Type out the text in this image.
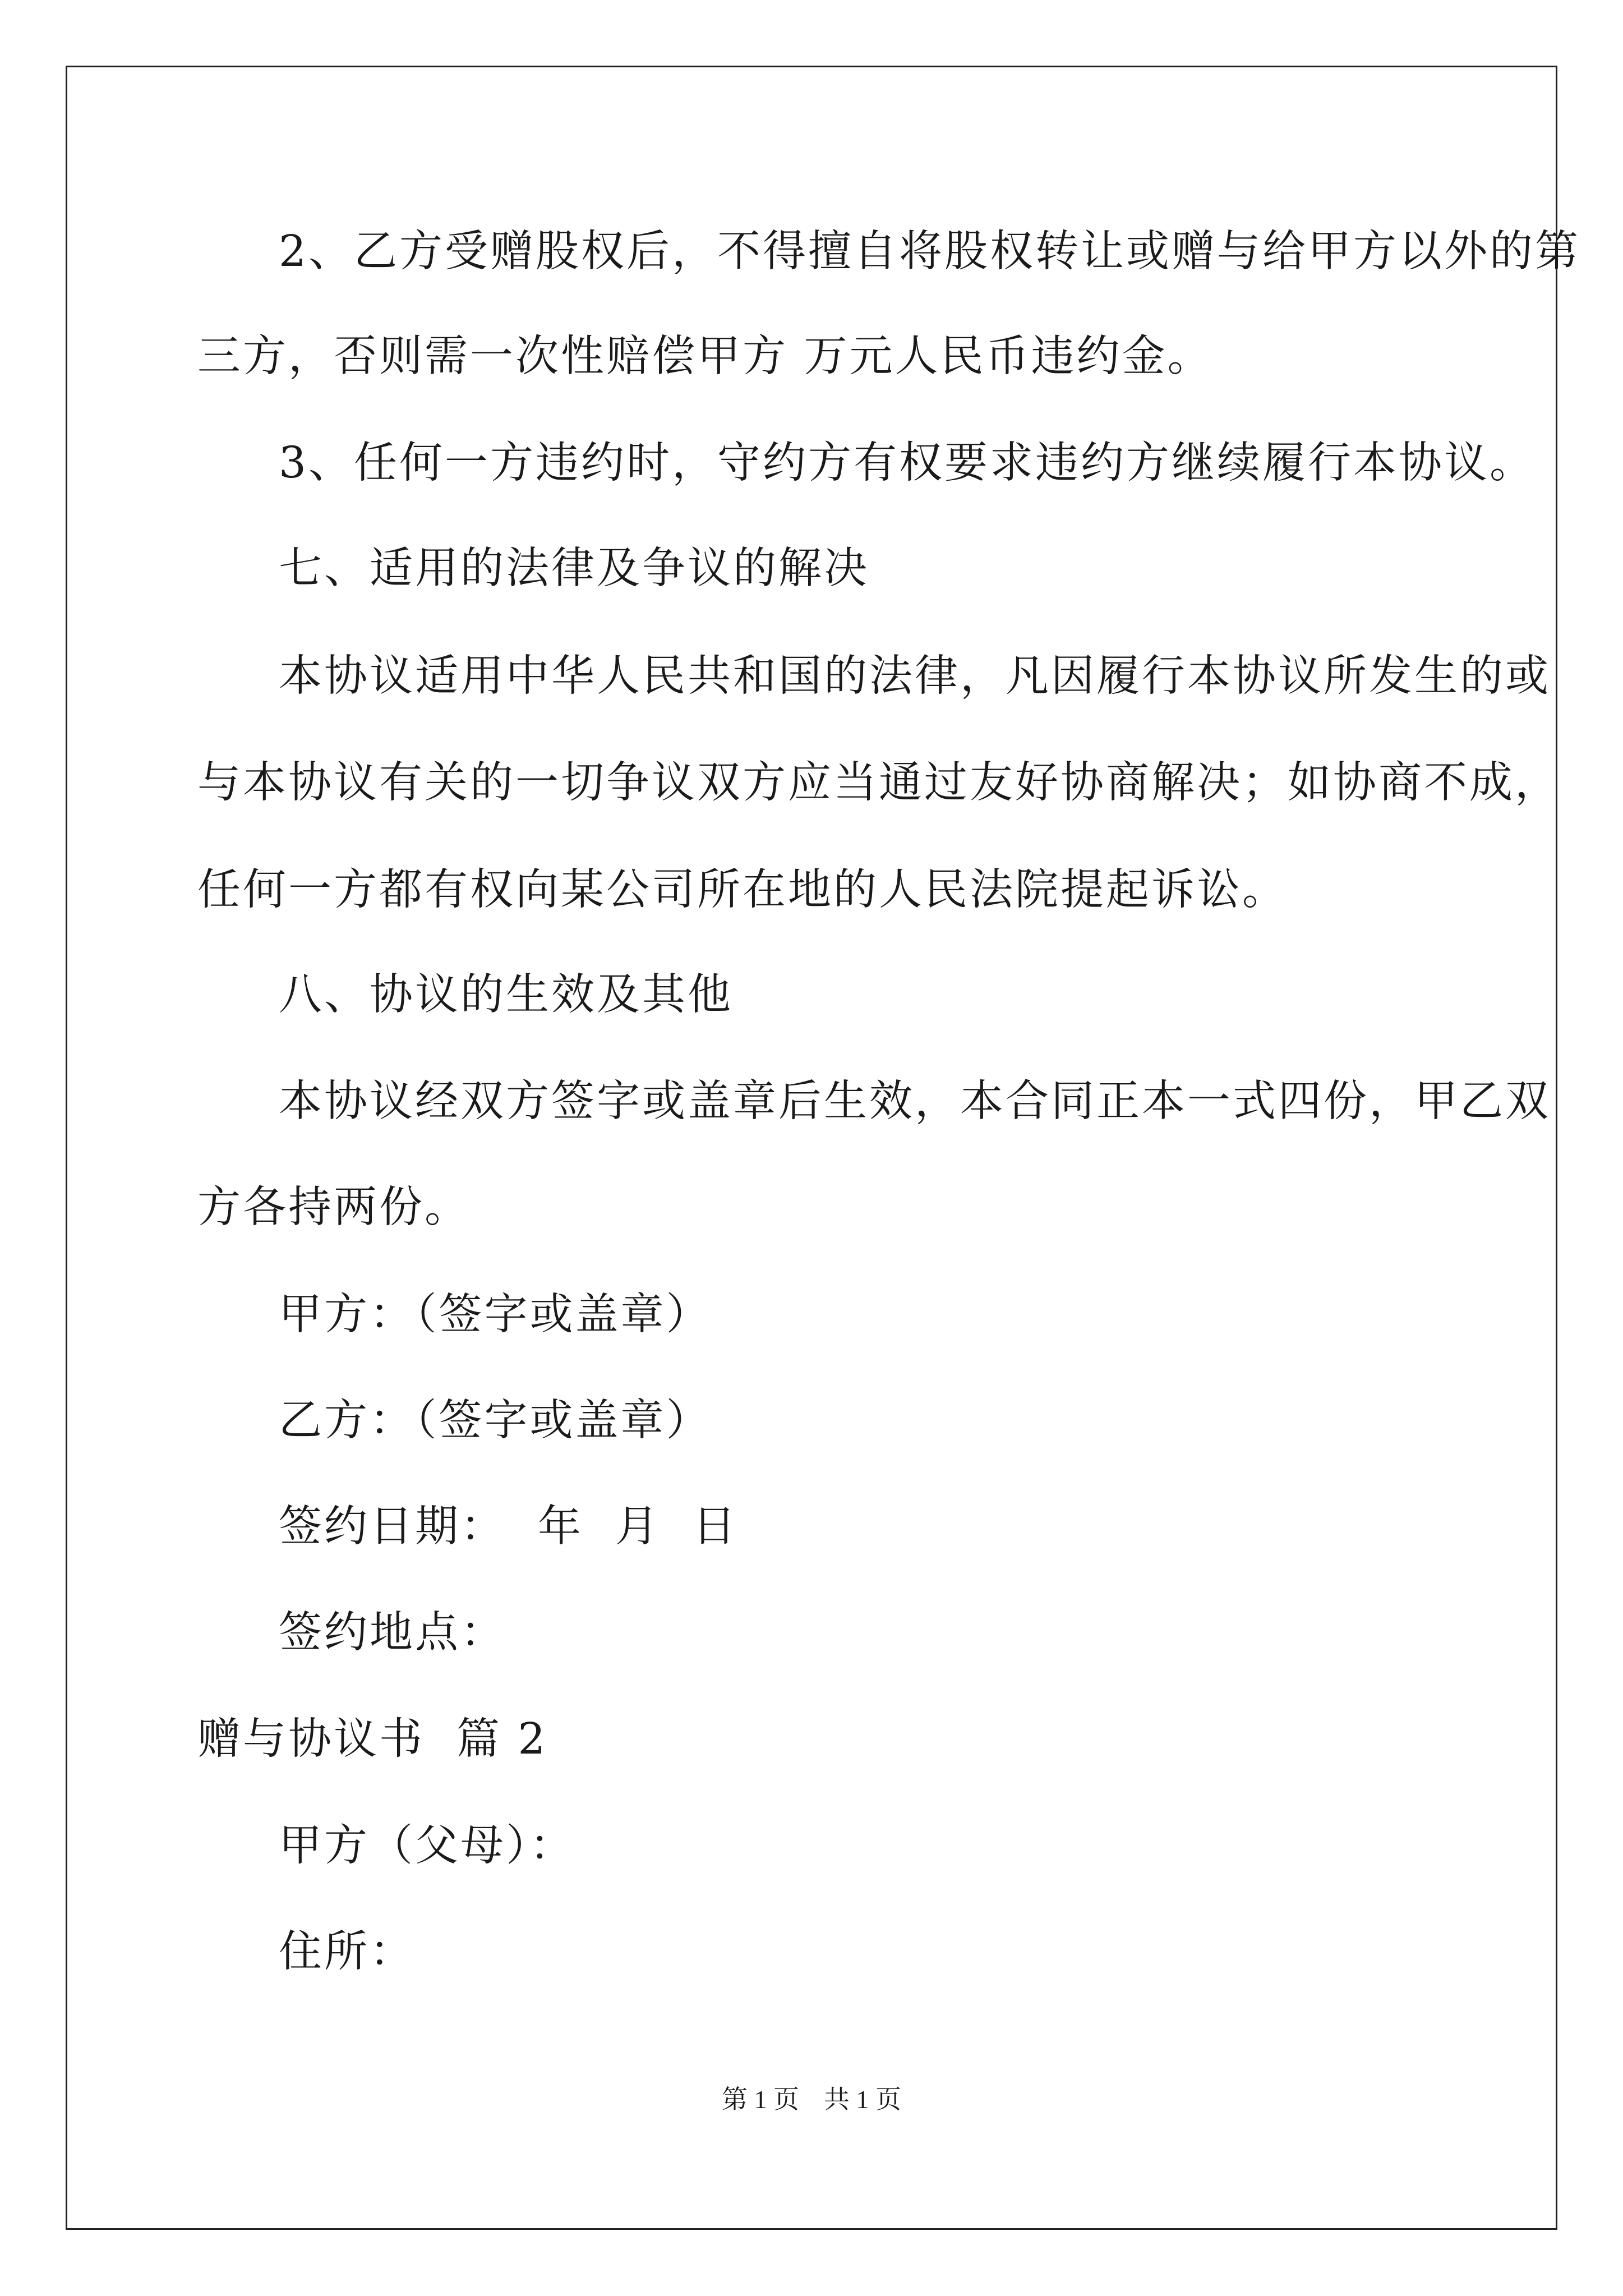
2、乙方受赠股权后，不得擅自将股权转让或赠与给甲方以外的第

三方，否则需一次性赔偿甲方 万元人民币违约金。

3、任何一方违约时，守约方有权要求违约方继续履行本协议。

七、适用的法律及争议的解决

本协议适用中华人民共和国的法律，凡因履行本协议所发生的或

与本协议有关的一切争议双方应当通过友好协商解决；如协商不成，

任何一方都有权向某公司所在地的人民法院提起诉讼。

八、协议的生效及其他

本协议经双方签字或盖章后生效，本合同正本一式四份，甲乙双

方各持两份。

甲方：（签字或盖章）

乙方：（签字或盖章）

签约日期：  年  月  日

签约地点：

赠与协议书  篇 2

甲方（父母）：

住所：

第 1 页 共 1 页
